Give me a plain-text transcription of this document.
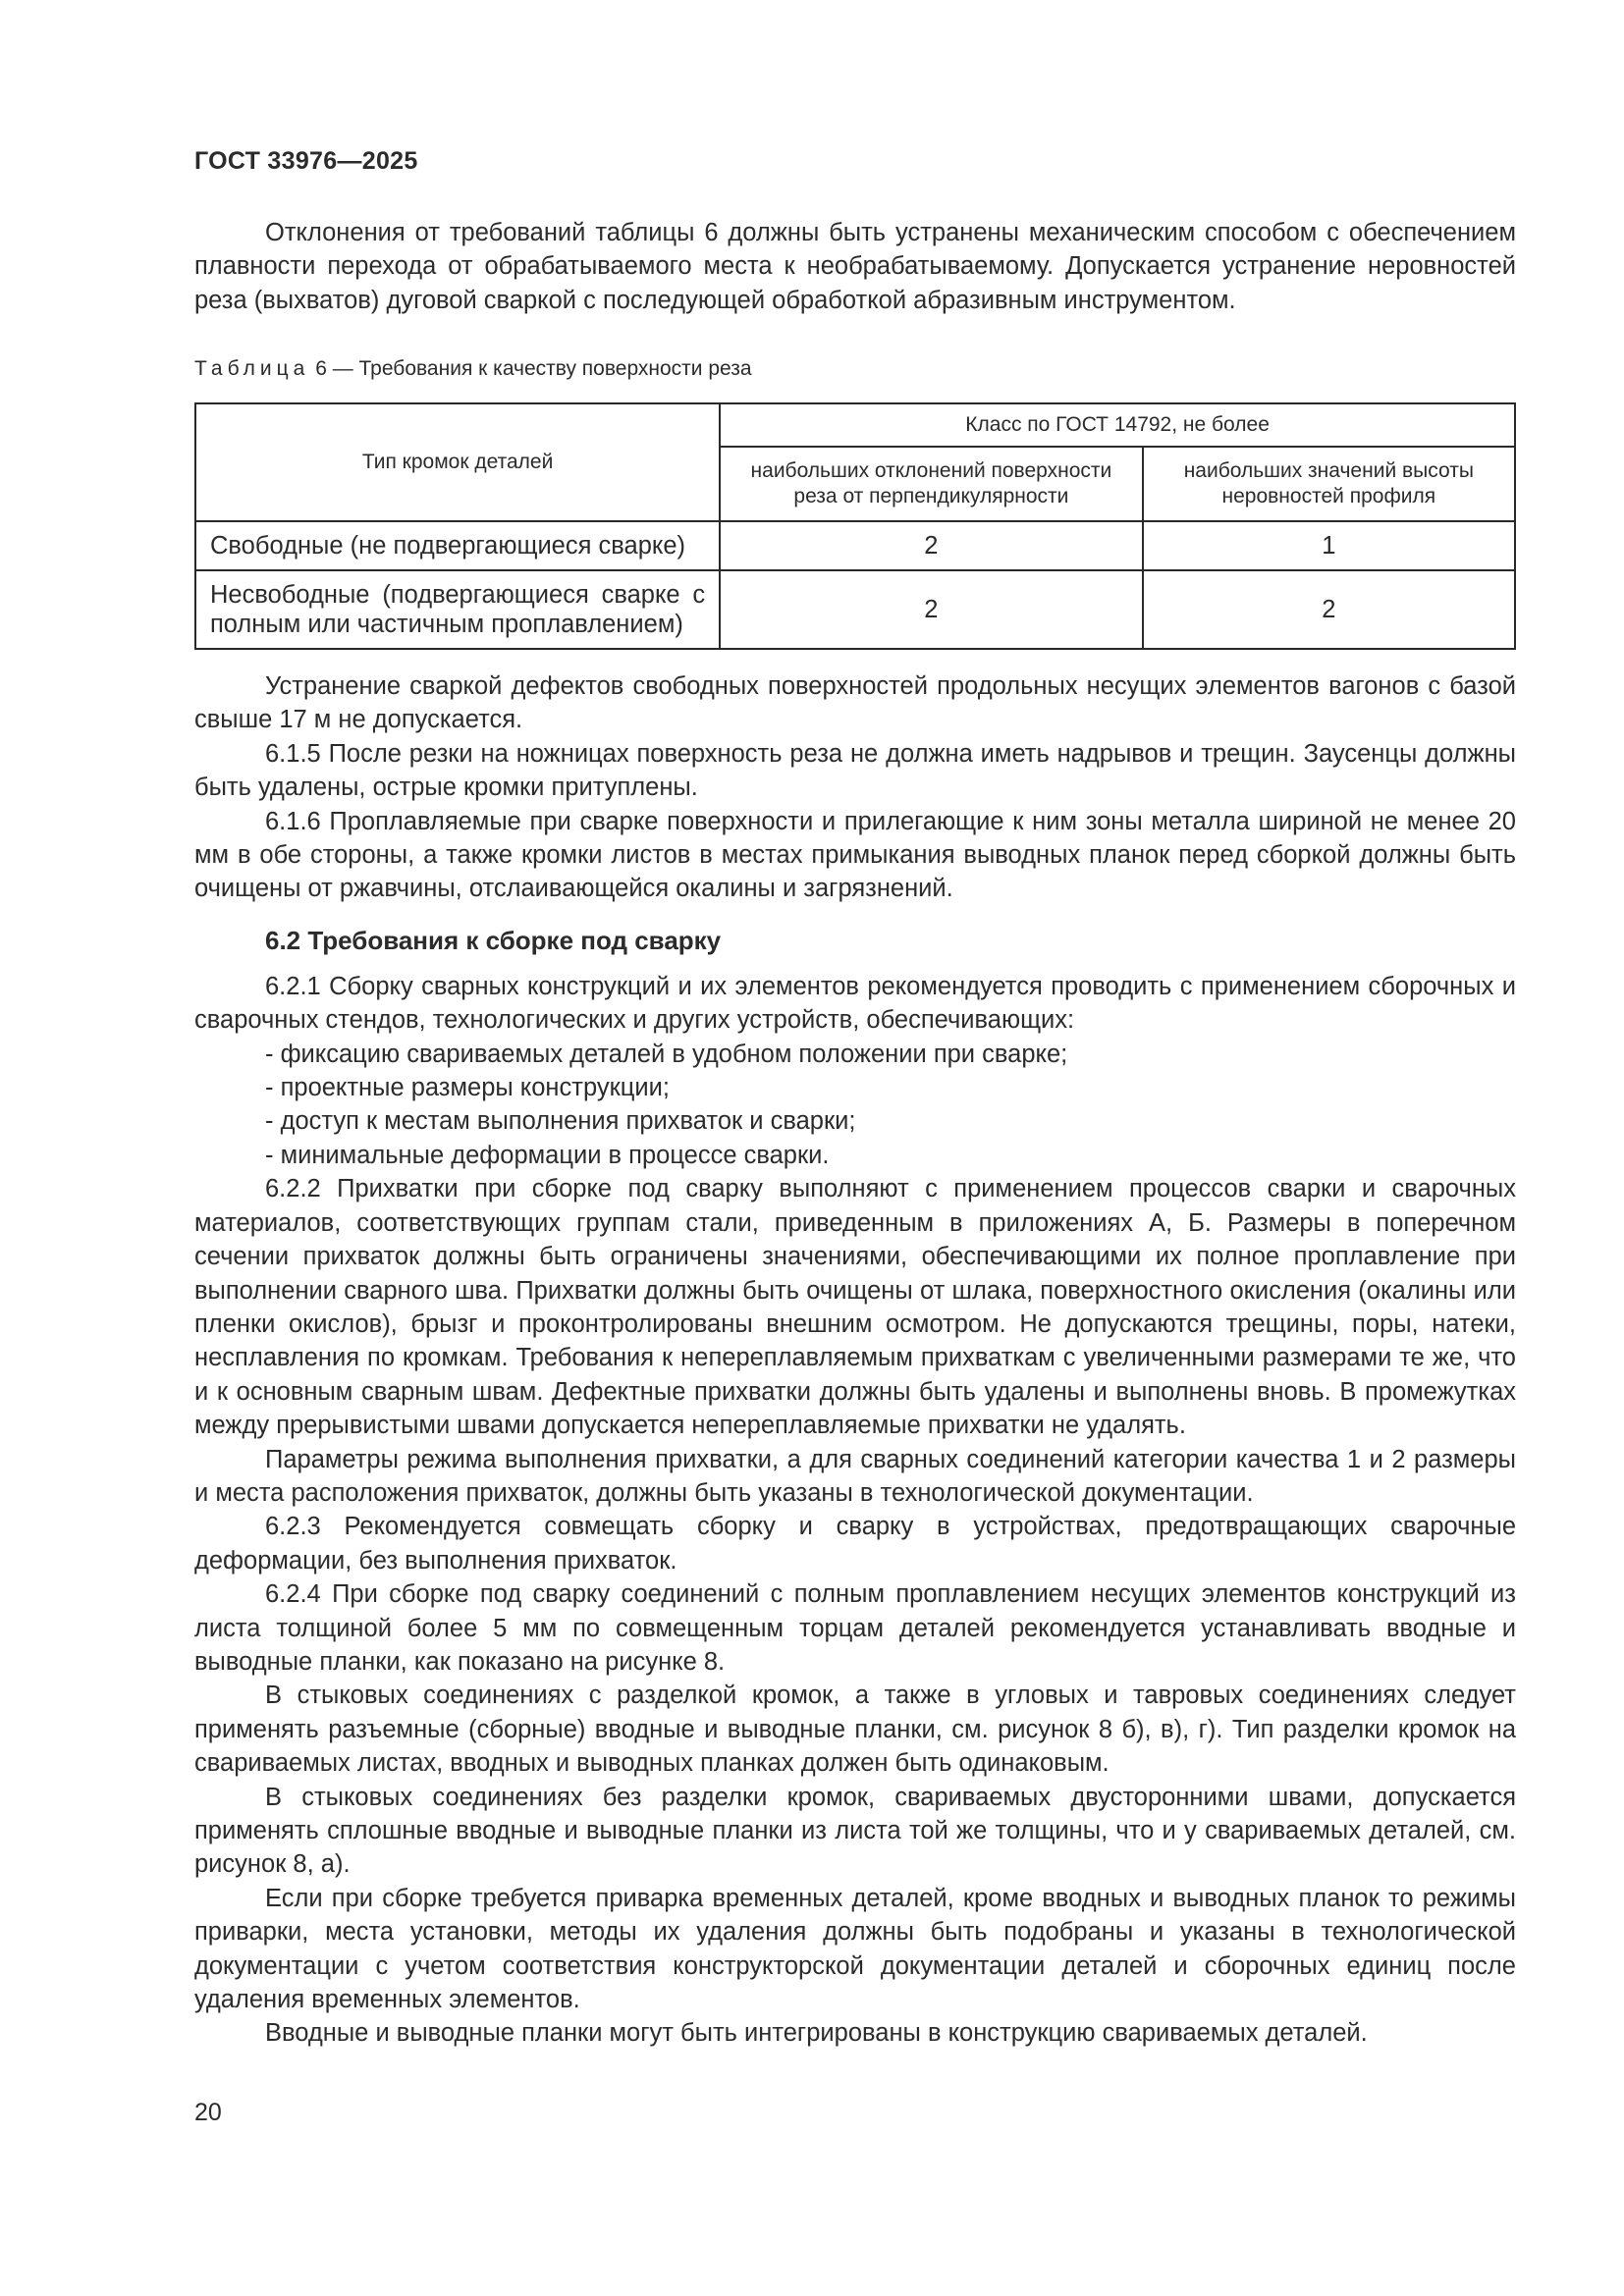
ГОСТ 33976—2025

Отклонения от требований таблицы 6 должны быть устранены механическим способом с обеспечением плавности перехода от обрабатываемого места к необрабатываемому. Допускается устранение неровностей реза (выхватов) дуговой сваркой с последующей обработкой абразивным инструментом.

Таблица 6 — Требования к качеству поверхности реза
Тип кромок деталей	Класс по ГОСТ 14792, не более	
	наибольших отклонений поверхности реза от перпендикулярности	наибольших значений высоты неровностей профиля
Свободные (не подвергающиеся сварке)	2	1
Несвободные (подвергающиеся сварке с полным или частичным проплавлением)	2	2

Устранение сваркой дефектов свободных поверхностей продольных несущих элементов вагонов с базой свыше 17 м не допускается.

6.1.5 После резки на ножницах поверхность реза не должна иметь надрывов и трещин. Заусенцы должны быть удалены, острые кромки притуплены.

6.1.6 Проплавляемые при сварке поверхности и прилегающие к ним зоны металла шириной не менее 20 мм в обе стороны, а также кромки листов в местах примыкания выводных планок перед сборкой должны быть очищены от ржавчины, отслаивающейся окалины и загрязнений.

6.2 Требования к сборке под сварку

6.2.1 Сборку сварных конструкций и их элементов рекомендуется проводить с применением сборочных и сварочных стендов, технологических и других устройств, обеспечивающих:

- фиксацию свариваемых деталей в удобном положении при сварке;

- проектные размеры конструкции;

- доступ к местам выполнения прихваток и сварки;

- минимальные деформации в процессе сварки.

6.2.2 Прихватки при сборке под сварку выполняют с применением процессов сварки и сварочных материалов, соответствующих группам стали, приведенным в приложениях А, Б. Размеры в поперечном сечении прихваток должны быть ограничены значениями, обеспечивающими их полное проплавление при выполнении сварного шва. Прихватки должны быть очищены от шлака, поверхностного окисления (окалины или пленки окислов), брызг и проконтролированы внешним осмотром. Не допускаются трещины, поры, натеки, несплавления по кромкам. Требования к непереплавляемым прихваткам с увеличенными размерами те же, что и к основным сварным швам. Дефектные прихватки должны быть удалены и выполнены вновь. В промежутках между прерывистыми швами допускается непереплавляемые прихватки не удалять.

Параметры режима выполнения прихватки, а для сварных соединений категории качества 1 и 2 размеры и места расположения прихваток, должны быть указаны в технологической документации.

6.2.3 Рекомендуется совмещать сборку и сварку в устройствах, предотвращающих сварочные деформации, без выполнения прихваток.

6.2.4 При сборке под сварку соединений с полным проплавлением несущих элементов конструкций из листа толщиной более 5 мм по совмещенным торцам деталей рекомендуется устанавливать вводные и выводные планки, как показано на рисунке 8.

В стыковых соединениях с разделкой кромок, а также в угловых и тавровых соединениях следует применять разъемные (сборные) вводные и выводные планки, см. рисунок 8 б), в), г). Тип разделки кромок на свариваемых листах, вводных и выводных планках должен быть одинаковым.

В стыковых соединениях без разделки кромок, свариваемых двусторонними швами, допускается применять сплошные вводные и выводные планки из листа той же толщины, что и у свариваемых деталей, см. рисунок 8, а).

Если при сборке требуется приварка временных деталей, кроме вводных и выводных планок то режимы приварки, места установки, методы их удаления должны быть подобраны и указаны в технологической документации с учетом соответствия конструкторской документации деталей и сборочных единиц после удаления временных элементов.

Вводные и выводные планки могут быть интегрированы в конструкцию свариваемых деталей.

20
